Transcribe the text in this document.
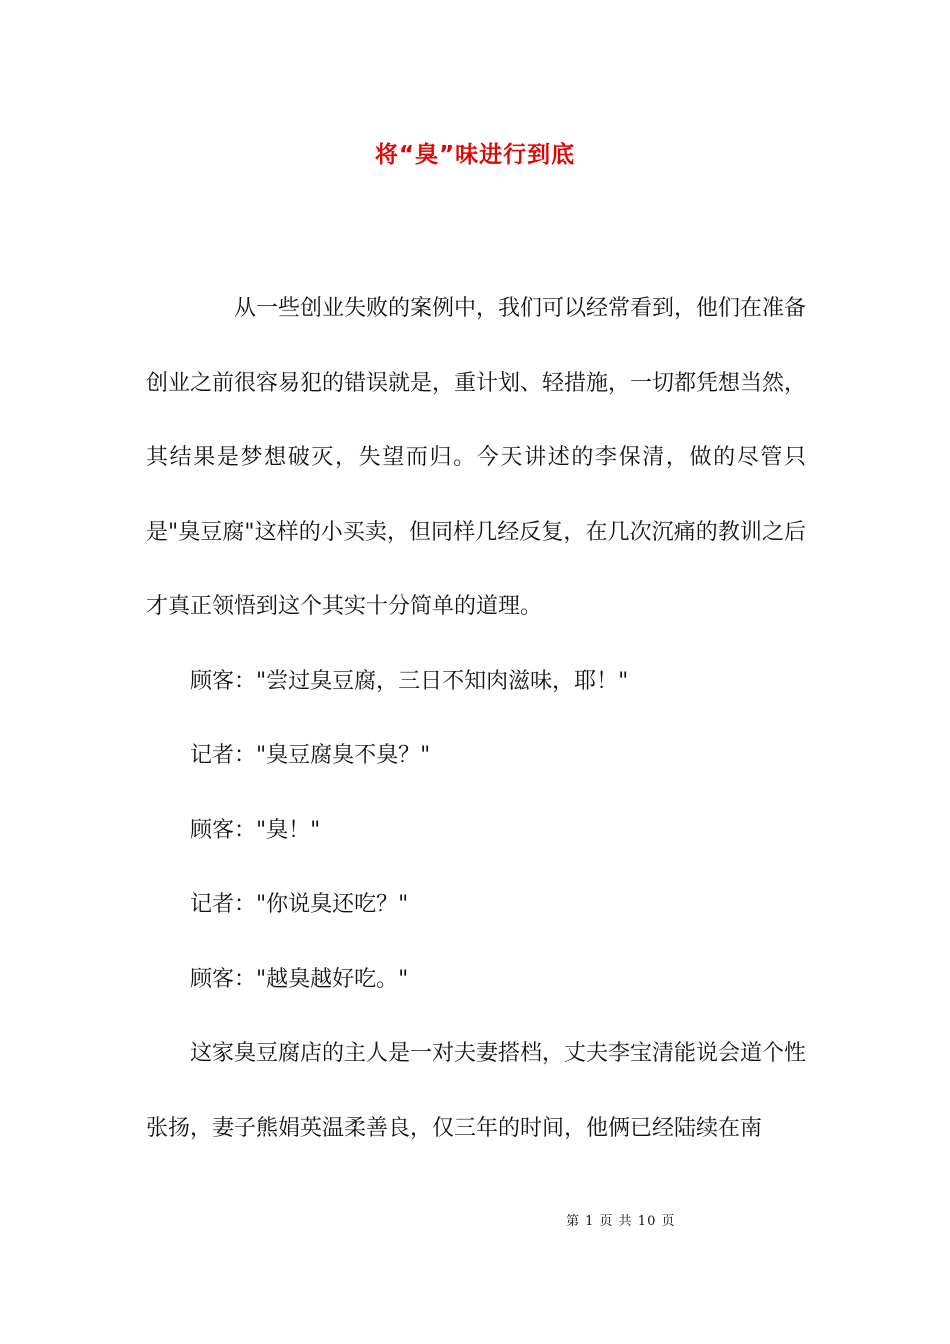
将“臭”味进行到底

从一些创业失败的案例中，我们可以经常看到，他们在准备创业之前很容易犯的错误就是，重计划、轻措施，一切都凭想当然，其结果是梦想破灭，失望而归。今天讲述的李保清，做的尽管只是"臭豆腐"这样的小买卖，但同样几经反复，在几次沉痛的教训之后才真正领悟到这个其实十分简单的道理。

顾客："尝过臭豆腐，三日不知肉滋味，耶！"

记者："臭豆腐臭不臭？"

顾客："臭！"

记者："你说臭还吃？"

顾客："越臭越好吃。"

这家臭豆腐店的主人是一对夫妻搭档，丈夫李宝清能说会道个性张扬，妻子熊娟英温柔善良，仅三年的时间，他俩已经陆续在南

第 1 页 共 10 页
